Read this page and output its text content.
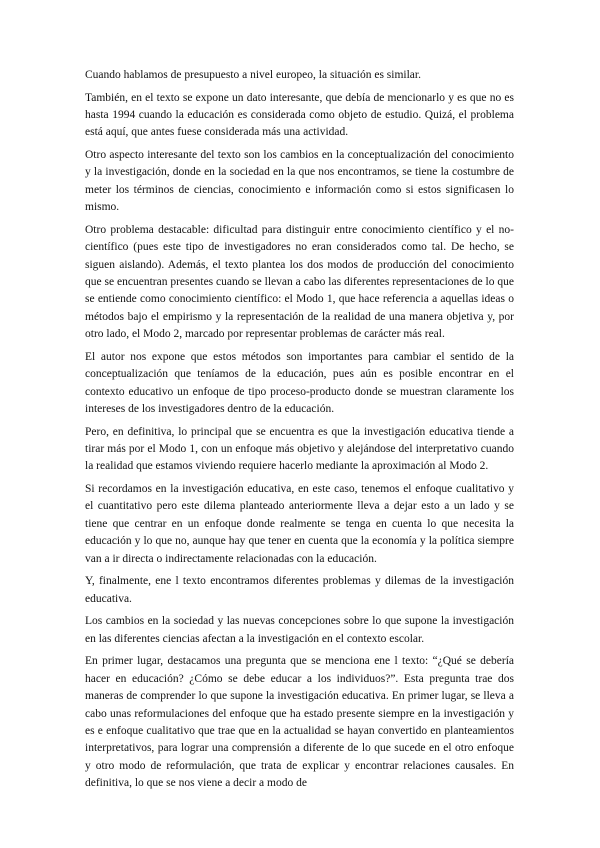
Cuando hablamos de presupuesto a nivel europeo, la situación es similar.

También, en el texto se expone un dato interesante, que debía de mencionarlo y es que no es hasta 1994 cuando la educación es considerada como objeto de estudio. Quizá, el problema está aquí, que antes fuese considerada más una actividad.

Otro aspecto interesante del texto son los cambios en la conceptualización del conocimiento y la investigación, donde en la sociedad en la que nos encontramos, se tiene la costumbre de meter los términos de ciencias, conocimiento e información como si estos significasen lo mismo.

Otro problema destacable: dificultad para distinguir entre conocimiento científico y el no-científico (pues este tipo de investigadores no eran considerados como tal. De hecho, se siguen aislando). Además, el texto plantea los dos modos de producción del conocimiento que se encuentran presentes cuando se llevan a cabo las diferentes representaciones de lo que se entiende como conocimiento científico: el Modo 1, que hace referencia a aquellas ideas o métodos bajo el empirismo y la representación de la realidad de una manera objetiva y, por otro lado, el Modo 2, marcado por representar problemas de carácter más real.

El autor nos expone que estos métodos son importantes para cambiar el sentido de la conceptualización que teníamos de la educación, pues aún es posible encontrar en el contexto educativo un enfoque de tipo proceso-producto donde se muestran claramente los intereses de los investigadores dentro de la educación.

Pero, en definitiva, lo principal que se encuentra es que la investigación educativa tiende a tirar más por el Modo 1, con un enfoque más objetivo y alejándose del interpretativo cuando la realidad que estamos viviendo requiere hacerlo mediante la aproximación al Modo 2.

Si recordamos en la investigación educativa, en este caso, tenemos el enfoque cualitativo y el cuantitativo pero este dilema planteado anteriormente lleva a dejar esto a un lado y se tiene que centrar en un enfoque donde realmente se tenga en cuenta lo que necesita la educación y lo que no, aunque hay que tener en cuenta que la economía y la política siempre van a ir directa o indirectamente relacionadas con la educación.

Y, finalmente, ene l texto encontramos diferentes problemas y dilemas de la investigación educativa.

Los cambios en la sociedad y las nuevas concepciones sobre lo que supone la investigación en las diferentes ciencias afectan a la investigación en el contexto escolar.

En primer lugar, destacamos una pregunta que se menciona ene l texto: “¿Qué se debería hacer en educación? ¿Cómo se debe educar a los individuos?”. Esta pregunta trae dos maneras de comprender lo que supone la investigación educativa. En primer lugar, se lleva a cabo unas reformulaciones del enfoque que ha estado presente siempre en la investigación y es e enfoque cualitativo que trae que en la actualidad se hayan convertido en planteamientos interpretativos, para lograr una comprensión a diferente de lo que sucede en el otro enfoque y otro modo de reformulación, que trata de explicar y encontrar relaciones causales. En definitiva, lo que se nos viene a decir a modo de
